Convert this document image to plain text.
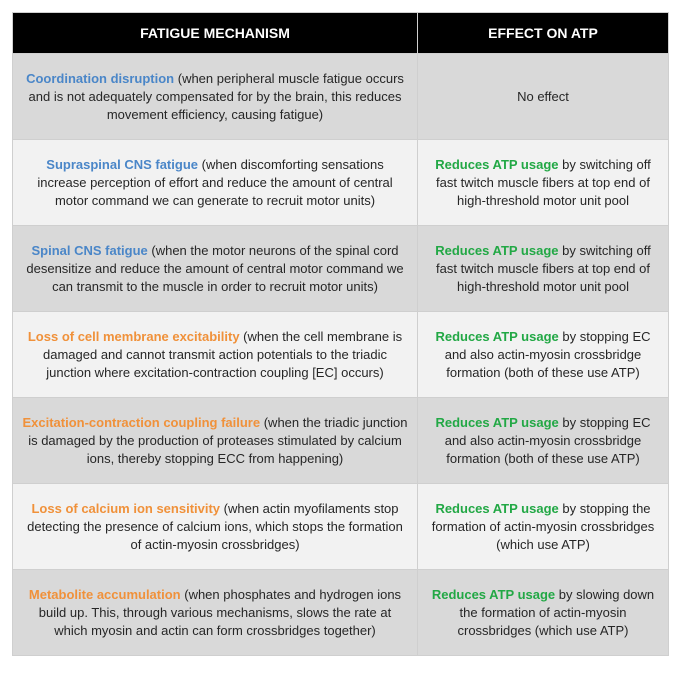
FATIGUE MECHANISM	EFFECT ON ATP
Coordination disruption (when peripheral muscle fatigue occurs and is not adequately compensated for by the brain, this reduces movement efficiency, causing fatigue)	No effect
Supraspinal CNS fatigue (when discomforting sensations increase perception of effort and reduce the amount of central motor command we can generate to recruit motor units)	Reduces ATP usage by switching off fast twitch muscle fibers at top end of high-threshold motor unit pool
Spinal CNS fatigue (when the motor neurons of the spinal cord desensitize and reduce the amount of central motor command we can transmit to the muscle in order to recruit motor units)	Reduces ATP usage by switching off fast twitch muscle fibers at top end of high-threshold motor unit pool
Loss of cell membrane excitability (when the cell membrane is damaged and cannot transmit action potentials to the triadic junction where excitation-contraction coupling [EC] occurs)	Reduces ATP usage by stopping EC and also actin-myosin crossbridge formation (both of these use ATP)
Excitation-contraction coupling failure (when the triadic junction is damaged by the production of proteases stimulated by calcium ions, thereby stopping ECC from happening)	Reduces ATP usage by stopping EC and also actin-myosin crossbridge formation (both of these use ATP)
Loss of calcium ion sensitivity (when actin myofilaments stop detecting the presence of calcium ions, which stops the formation of actin-myosin crossbridges)	Reduces ATP usage by stopping the formation of actin-myosin crossbridges (which use ATP)
Metabolite accumulation (when phosphates and hydrogen ions build up. This, through various mechanisms, slows the rate at which myosin and actin can form crossbridges together)	Reduces ATP usage by slowing down the formation of actin-myosin crossbridges (which use ATP)
